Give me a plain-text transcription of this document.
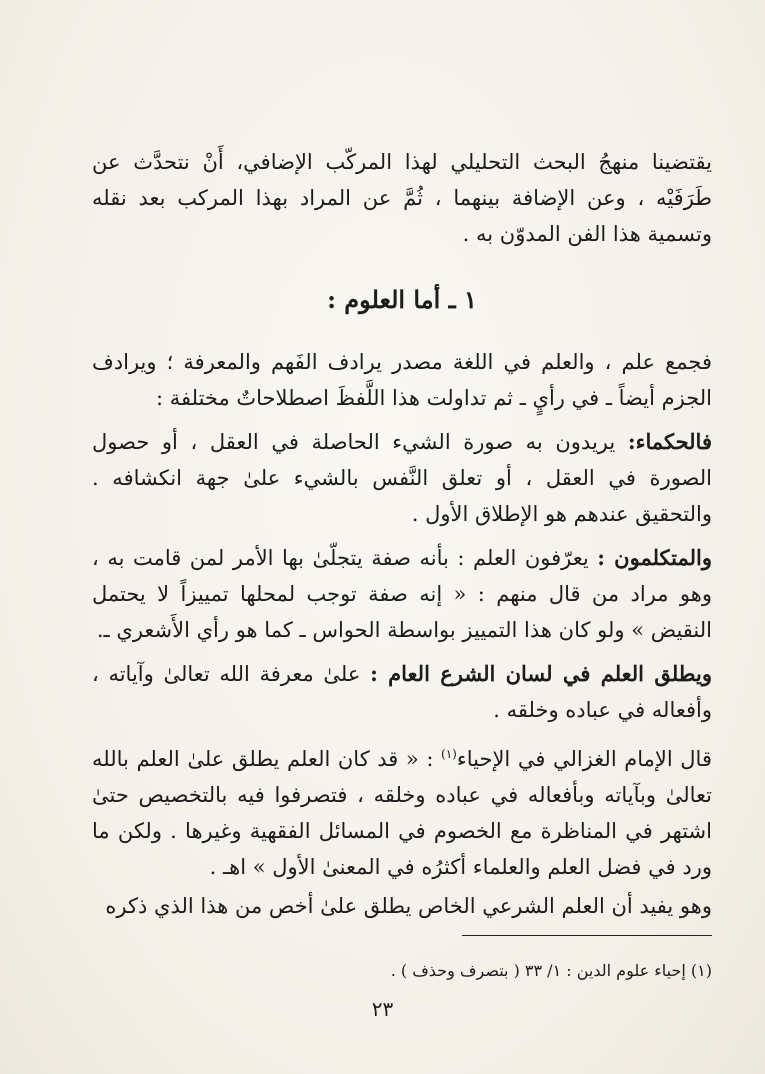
يقتضينا منهجُ البحث التحليلي لهذا المركّب الإضافي، أَنْ نتحدَّث عن طَرَفَيْه ، وعن الإضافة بينهما ، ثُمَّ عن المراد بهذا المركب بعد نقله وتسمية هذا الفن المدوّن به .

١ ـ أما العلوم :

فجمع علم ، والعلم في اللغة مصدر يرادف الفَهم والمعرفة ؛ ويرادف الجزم أيضاً ـ في رأيٍ ـ ثم تداولت هذا اللَّفظَ اصطلاحاتٌ مختلفة :

فالحكماء: يريدون به صورة الشيء الحاصلة في العقل ، أو حصول الصورة في العقل ، أو تعلق النَّفس بالشيء علىٰ جهة انكشافه . والتحقيق عندهم هو الإطلاق الأول .

والمتكلمون : يعرّفون العلم : بأنه صفة يتجلّىٰ بها الأمر لمن قامت به ، وهو مراد من قال منهم : « إنه صفة توجب لمحلها تمييزاً لا يحتمل النقيض » ولو كان هذا التمييز بواسطة الحواس ـ كما هو رأي الأَشعري ـ.

ويطلق العلم في لسان الشرع العام : علىٰ معرفة الله تعالىٰ وآياته ، وأفعاله في عباده وخلقه .

قال الإمام الغزالي في الإحياء$^{(١)}$ : « قد كان العلم يطلق علىٰ العلم بالله تعالىٰ وبآياته وبأفعاله في عباده وخلقه ، فتصرفوا فيه بالتخصيص حتىٰ اشتهر في المناظرة مع الخصوم في المسائل الفقهية وغيرها . ولكن ما ورد في فضل العلم والعلماء أكثرُه في المعنىٰ الأول » اهـ .

وهو يفيد أن العلم الشرعي الخاص يطلق علىٰ أخص من هذا الذي ذكره

(١) إحياء علوم الدين : ١/ ٣٣ ( بتصرف وحذف ) .
٢٣
